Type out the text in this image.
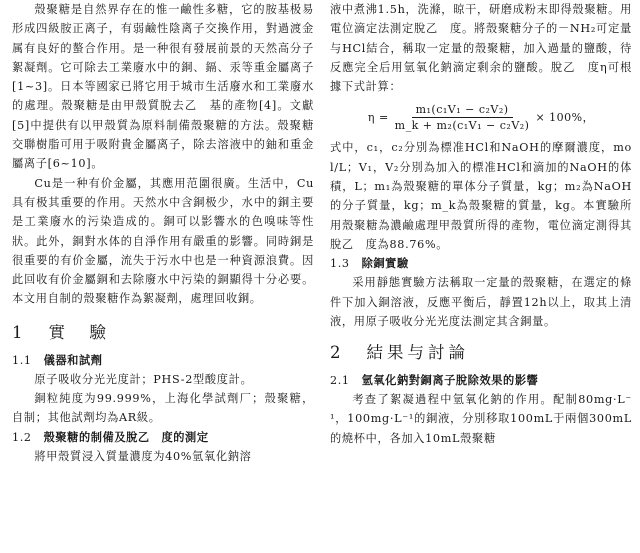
殼聚糖是自然界存在的惟一鹼性多糖，它的胺基极易形成四級胺正离子，有弱鹼性陰离子交換作用，對過渡金属有良好的螯合作用。是一种很有發展前景的天然高分子絮凝劑。它可除去工業廢水中的銅、鎘、汞等重金屬离子[1~3]。日本等國家已將它用于城市生活廢水和工業廢水的處理。殼聚糖是由甲殼質脫去乙　基的產物[4]。文獻[5]中提供有以甲殼質為原料制備殼聚糖的方法。殼聚糖交聯樹脂可用于吸附貴金屬离子，除去溶液中的鈾和重金屬离子[6~10]。

Cu是一种有价金屬，其應用范圍很廣。生活中，Cu具有极其重要的作用。天然水中含銅极少，水中的銅主要是工業廢水的污染造成的。銅可以影響水的色嗅味等性狀。此外，銅對水体的自淨作用有嚴重的影響。同時銅是很重要的有价金屬，流失于污水中也是一种資源浪費。因此回收有价金屬銅和去除廢水中污染的銅顯得十分必要。本文用自制的殼聚糖作為絮凝劑，處理回收銅。

1 實　驗
1.1 儀器和試劑

原子吸收分光光度計；PHS-2型酸度計。

銅粒純度为99.999%，上海化學試劑厂；殼聚糖，自制；其他試劑均為AR級。

1.2 殼聚糖的制備及脫乙　度的測定

將甲殼質浸入質量濃度为40%氫氧化鈉溶

液中煮沸1.5h，洗滌，晾干，研磨成粉末即得殼聚糖。用電位滴定法測定脫乙　度。將殼聚糖分子的－NH₂可定量与HCl結合，稱取一定量的殼聚糖，加入過量的鹽酸，待反應完全后用氫氧化鈉滴定剩余的鹽酸。脫乙　度η可根據下式計算：

$\eta = \frac{\text{m₁(c₁V₁ − c₂V₂)}}{\text{m\_k + m₂(c₁V₁ − c₂V₂)}} \times 100\%$，

式中，c₁，c₂分別為標准HCl和NaOH的摩爾濃度，mol/L；V₁，V₂分別為加入的標准HCl和滴加的NaOH的体積，L；m₁為殼聚糖的單体分子質量，kg；m₂為NaOH的分子質量，kg；m_k為殼聚糖的質量，kg。本實驗所用殼聚糖為濃鹼處理甲殼質所得的產物，電位滴定測得其脫乙　度為88.76%。

1.3 除銅實驗

采用靜態實驗方法稱取一定量的殼聚糖，在選定的條件下加入銅溶液，反應平衡后，靜置12h以上，取其上清液，用原子吸收分光光度法測定其含銅量。

2 結果与討論
2.1 氫氧化鈉對銅离子脫除效果的影響

考查了絮凝過程中氫氧化鈉的作用。配制80mg·L⁻¹，100mg·L⁻¹的銅液，分別移取100mL于兩個300mL的燒杯中，各加入10mL殼聚糖
